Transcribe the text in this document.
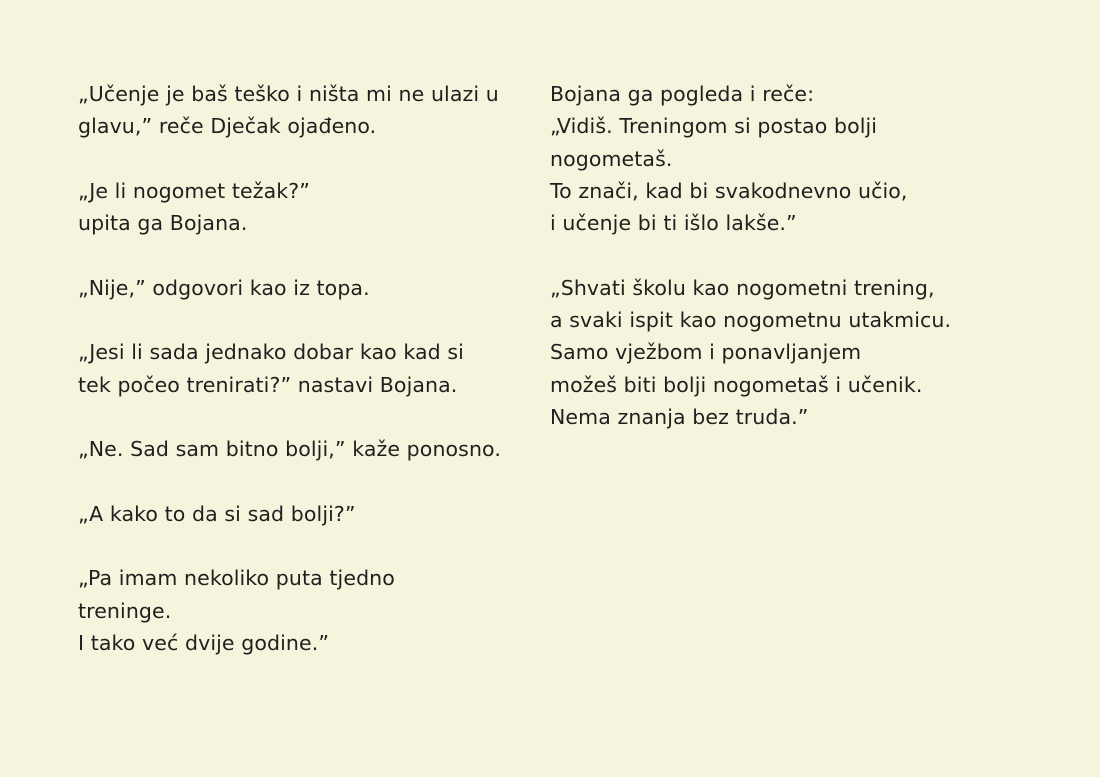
„Učenje je baš teško i ništa mi ne ulazi u
glavu,” reče Dječak ojađeno.
„Je li nogomet težak?”
upita ga Bojana.
„Nije,” odgovori kao iz topa.
„Jesi li sada jednako dobar kao kad si
tek počeo trenirati?” nastavi Bojana.
„Ne. Sad sam bitno bolji,” kaže ponosno.
„A kako to da si sad bolji?”
„Pa imam nekoliko puta tjedno
treninge.
I tako već dvije godine.”
Bojana ga pogleda i reče:
„Vidiš. Treningom si postao bolji
nogometaš.
To znači, kad bi svakodnevno učio,
i učenje bi ti išlo lakše.”
„Shvati školu kao nogometni trening,
a svaki ispit kao nogometnu utakmicu.
Samo vježbom i ponavljanjem
možeš biti bolji nogometaš i učenik.
Nema znanja bez truda.”
